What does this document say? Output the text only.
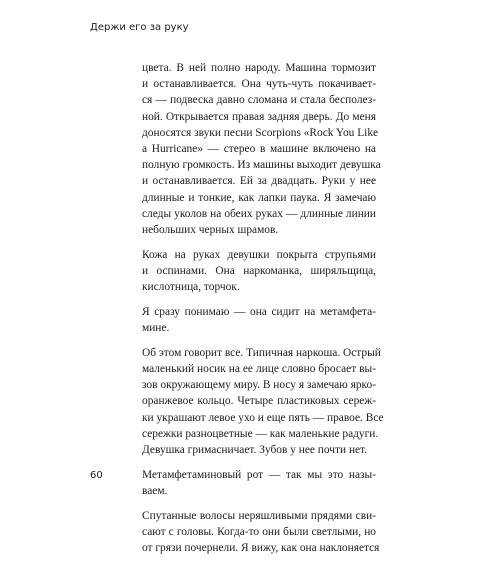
Держи его за руку

цвета. В ней полно народу. Машина тормозит
и останавливается. Она чуть-чуть покачивает-
ся — подвеска давно сломана и стала бесполез-
ной. Открывается правая задняя дверь. До меня
доносятся звуки песни Scorpions «Rock You Like
a Hurricane» — стерео в машине включено на
полную громкость. Из машины выходит девушка
и останавливается. Ей за двадцать. Руки у нее
длинные и тонкие, как лапки паука. Я замечаю
следы уколов на обеих руках — длинные линии
небольших черных шрамов.

Кожа на руках девушки покрыта струпьями
и оспинами. Она наркоманка, ширяльщица,
кислотница, торчок.

Я сразу понимаю — она сидит на метамфета-
мине.

Об этом говорит все. Типичная наркоша. Острый
маленький носик на ее лице словно бросает вы-
зов окружающему миру. В носу я замечаю ярко-
оранжевое кольцо. Четыре пластиковых сереж-
ки украшают левое ухо и еще пять — правое. Все
сережки разноцветные — как маленькие радуги.
Девушка гримасничает. Зубов у нее почти нет.

Метамфетаминовый рот — так мы это назы-
ваем.

Спутанные волосы неряшливыми прядями сви-
сают с головы. Когда-то они были светлыми, но
от грязи почернели. Я вижу, как она наклоняется

60
